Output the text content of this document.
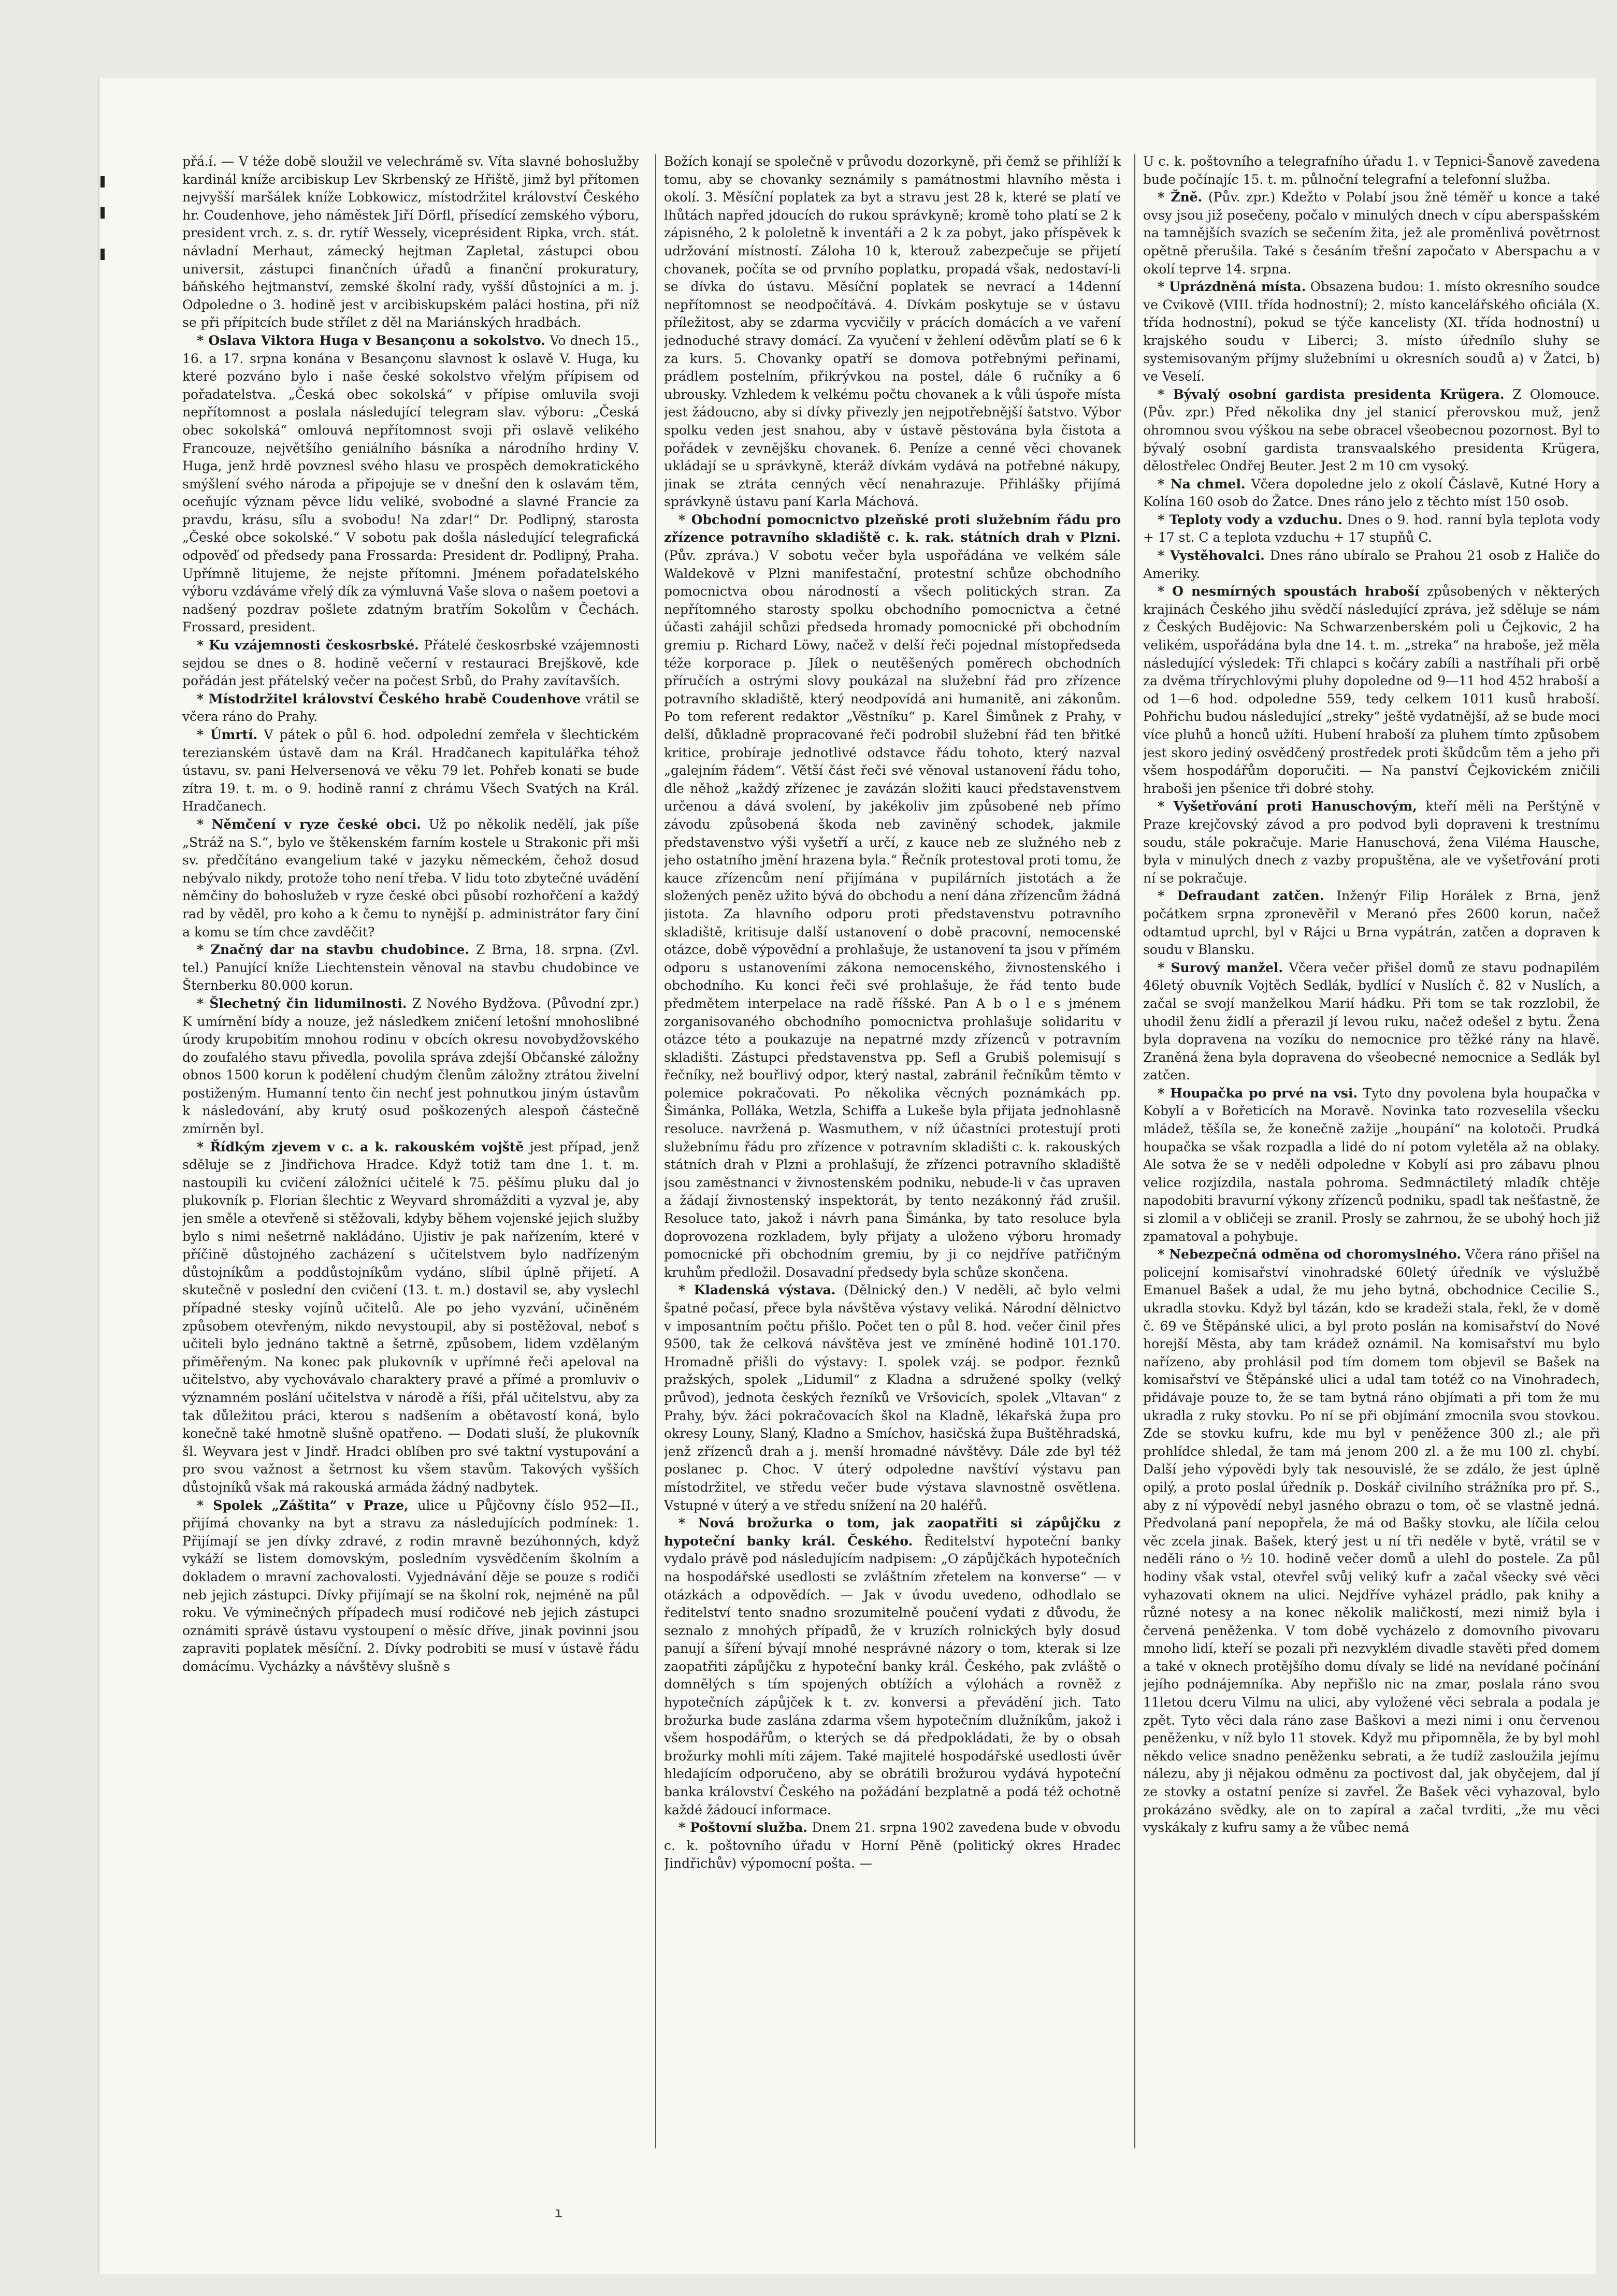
přá.í. — V téže době sloužil ve velechrámě sv. Víta slavné bohoslužby kardinál kníže arcibiskup Lev Skrbenský ze Hřiště, jimž byl přítomen nejvyšší maršálek kníže Lobkowicz, místodržitel království Českého hr. Coudenhove, jeho náměstek Jiří Dörfl, přísedící zemského výboru, president vrch. z. s. dr. rytíř Wessely, viceprésident Ripka, vrch. stát. návladní Merhaut, zámecký hejtman Zapletal, zástupci obou universit, zástupci finančních úřadů a finanční prokuratury, báňského hejtmanství, zemské školní rady, vyšší důstojníci a m. j. Odpoledne o 3. hodině jest v arcibiskupském paláci hostina, při níž se při přípitcích bude střílet z děl na Mariánských hradbách.

* Oslava Viktora Huga v Besançonu a sokolstvo. Vo dnech 15., 16. a 17. srpna konána v Besançonu slavnost k oslavě V. Huga, ku které pozváno bylo i naše české sokolstvo vřelým přípisem od pořadatelstva. „Česká obec sokolská“ v přípise omluvila svoji nepřítomnost a poslala následující telegram slav. výboru: „Česká obec sokolská“ omlouvá nepřítomnost svoji při oslavě velikého Francouze, největšího geniálního básníka a národního hrdiny V. Huga, jenž hrdě povznesl svého hlasu ve prospěch demokratického smýšlení svého národa a připojuje se v dnešní den k oslavám těm, oceňujíc význam pěvce lidu veliké, svobodné a slavné Francie za pravdu, krásu, sílu a svobodu! Na zdar!“ Dr. Podlipný, starosta „České obce sokolské.“ V sobotu pak došla následující telegrafická odpověď od předsedy pana Frossarda: President dr. Podlipný, Praha. Upřímně litujeme, že nejste přítomni. Jménem pořadatelského výboru vzdáváme vřelý dík za výmluvná Vaše slova o našem poetovi a nadšený pozdrav pošlete zdatným bratřím Sokolům v Čechách. Frossard, president.

* Ku vzájemnosti českosrbské. Přátelé českosrbské vzájemnosti sejdou se dnes o 8. hodině večerní v restauraci Brejškově, kde pořádán jest přátelský večer na počest Srbů, do Prahy zavítavších.

* Místodržitel království Českého hrabě Coudenhove vrátil se včera ráno do Prahy.

* Úmrtí. V pátek o půl 6. hod. odpolední zemřela v šlechtickém terezianském ústavě dam na Král. Hradčanech kapitulářka téhož ústavu, sv. pani Helversenová ve věku 79 let. Pohřeb konati se bude zítra 19. t. m. o 9. hodině ranní z chrámu Všech Svatých na Král. Hradčanech.

* Němčení v ryze české obci. Už po několik nedělí, jak píše „Stráž na S.“, bylo ve štěkenském farním kostele u Strakonic při mši sv. předčítáno evangelium také v jazyku německém, čehož dosud nebývalo nikdy, protože toho není třeba. V lidu toto zbytečné uvádění němčiny do bohoslužeb v ryze české obci působí rozhořčení a každý rad by věděl, pro koho a k čemu to nynější p. administrátor fary činí a komu se tím chce zavděčit?

* Značný dar na stavbu chudobince. Z Brna, 18. srpna. (Zvl. tel.) Panující kníže Liechtenstein věnoval na stavbu chudobince ve Šternberku 80.000 korun.

* Šlechetný čin lidumilnosti. Z Nového Bydžova. (Původní zpr.) K umírnění bídy a nouze, jež následkem zničení letošní mnohoslibné úrody krupobitím mnohou rodinu v obcích okresu novobydžovského do zoufalého stavu přivedla, povolila správa zdejší Občanské záložny obnos 1500 korun k podělení chudým členům záložny ztrátou živelní postiženým. Humanní tento čin nechť jest pohnutkou jiným ústavům k následování, aby krutý osud poškozených alespoň částečně zmírněn byl.

* Řídkým zjevem v c. a k. rakouském vojště jest případ, jenž sděluje se z Jindřichova Hradce. Když totiž tam dne 1. t. m. nastoupili ku cvičení záložníci učitelé k 75. pěšímu pluku dal jo plukovník p. Florian šlechtic z Weyvard shromážditi a vyzval je, aby jen směle a otevřeně si stěžovali, kdyby během vojenské jejich služby bylo s nimi nešetrně nakládáno. Ujistiv je pak nařízením, které v příčině důstojného zacházení s učitelstvem bylo nadřízeným důstojníkům a poddůstojníkům vydáno, slíbil úplně přijetí. A skutečně v poslední den cvičení (13. t. m.) dostavil se, aby vyslechl případné stesky vojínů učitelů. Ale po jeho vyzvání, učiněném způsobem otevřeným, nikdo nevystoupil, aby si postěžoval, neboť s učiteli bylo jednáno taktně a šetrně, způsobem, lidem vzdělaným přiměřeným. Na konec pak plukovník v upřímné řeči apeloval na učitelstvo, aby vychovávalo charaktery pravé a přímé a promluviv o významném poslání učitelstva v národě a říši, přál učitelstvu, aby za tak důležitou práci, kterou s nadšením a obětavostí koná, bylo konečně také hmotně slušně opatřeno. — Dodati sluší, že plukovník šl. Weyvara jest v Jindř. Hradci oblíben pro své taktní vystupování a pro svou važnost a šetrnost ku všem stavům. Takových vyšších důstojníků však má rakouská armáda žádný nadbytek.

* Spolek „Záštita“ v Praze, ulice u Půjčovny číslo 952—II., přijímá chovanky na byt a stravu za následujících podmínek: 1. Přijímají se jen dívky zdravé, z rodin mravně bezúhonných, když vykáží se listem domovským, posledním vysvědčením školním a dokladem o mravní zachovalosti. Vyjednávání děje se pouze s rodiči neb jejich zástupci. Dívky přijímají se na školní rok, nejméně na půl roku. Ve výminečných případech musí rodičové neb jejich zástupci oznámiti správě ústavu vystoupení o měsíc dříve, jinak povinni jsou zapraviti poplatek měsíční. 2. Dívky podrobiti se musí v ústavě řádu domácímu. Vycházky a návštěvy slušně s

Božích konají se společně v průvodu dozorkyně, při čemž se přihlíží k tomu, aby se chovanky seznámily s památnostmi hlavního města i okolí. 3. Měsíční poplatek za byt a stravu jest 28 k, které se platí ve lhůtách napřed jdoucích do rukou správkyně; kromě toho platí se 2 k zápisného, 2 k pololetně k inventáři a 2 k za pobyt, jako příspěvek k udržování místností. Záloha 10 k, kterouž zabezpečuje se přijetí chovanek, počíta se od prvního poplatku, propadá však, nedostaví-li se dívka do ústavu. Měsíční poplatek se nevrací a 14denní nepřítomnost se neodpočítává. 4. Dívkám poskytuje se v ústavu příležitost, aby se zdarma vycvičily v prácích domácích a ve vaření jednoduché stravy domácí. Za vyučení v žehlení oděvům platí se 6 k za kurs. 5. Chovanky opatří se domova potřebnými peřinami, prádlem postelním, přikrývkou na postel, dále 6 ručníky a 6 ubrousky. Vzhledem k velkému počtu chovanek a k vůli úspoře místa jest žádoucno, aby si dívky přivezly jen nejpotřebnější šatstvo. Výbor spolku veden jest snahou, aby v ústavě pěstována byla čistota a pořádek v zevnějšku chovanek. 6. Peníze a cenné věci chovanek ukládají se u správkyně, kteráž dívkám vydává na potřebné nákupy, jinak se ztráta cenných věcí nenahrazuje. Přihlášky přijímá správkyně ústavu paní Karla Máchová.

* Obchodní pomocnictvo plzeňské proti služebním řádu pro zřízence potravního skladiště c. k. rak. státních drah v Plzni. (Pův. zpráva.) V sobotu večer byla uspořádána ve velkém sále Waldekově v Plzni manifestační, protestní schůze obchodního pomocnictva obou národností a všech politických stran. Za nepřítomného starosty spolku obchodního pomocnictva a četné účasti zahájil schůzi předseda hromady pomocnické při obchodním gremiu p. Richard Löwy, načež v delší řeči pojednal místopředseda téže korporace p. Jílek o neutěšených poměrech obchodních příručích a ostrými slovy poukázal na služební řád pro zřízence potravního skladiště, který neodpovídá ani humanitě, ani zákonům. Po tom referent redaktor „Věstníku“ p. Karel Šimůnek z Prahy, v delší, důkladně propracované řeči podrobil služební řád ten břitké kritice, probíraje jednotlivé odstavce řádu tohoto, který nazval „galejním řádem“. Větší část řeči své věnoval ustanovení řádu toho, dle něhož „každý zřízenec je zavázán složiti kauci představenstvem určenou a dává svolení, by jakékoliv jim způsobené neb přímo závodu způsobená škoda neb zaviněný schodek, jakmile představenstvo výši vyšetří a určí, z kauce neb ze služného neb z jeho ostatního jmění hrazena byla.“ Řečník protestoval proti tomu, že kauce zřízencům není přijímána v pupilárních jistotách a že složených peněz užito bývá do obchodu a není dána zřízencům žádná jistota. Za hlavního odporu proti představenstvu potravního skladiště, kritisuje další ustanovení o době pracovní, nemocenské otázce, době výpovědní a prohlašuje, že ustanovení ta jsou v přímém odporu s ustanoveními zákona nemocenského, živnostenského i obchodního. Ku konci řeči své prohlašuje, že řád tento bude předmětem interpelace na radě říšské. Pan A b o l e s jménem zorganisovaného obchodního pomocnictva prohlašuje solidaritu v otázce této a poukazuje na nepatrné mzdy zřízenců v potravním skladišti. Zástupci představenstva pp. Sefl a Grubiš polemisují s řečníky, než bouřlivý odpor, který nastal, zabránil řečníkům těmto v polemice pokračovati. Po několika věcných poznámkách pp. Šimánka, Polláka, Wetzla, Schiffa a Lukeše byla přijata jednohlasně resoluce. navržená p. Wasmuthem, v níž účastníci protestují proti služebnímu řádu pro zřízence v potravním skladišti c. k. rakouských státních drah v Plzni a prohlašují, že zřízenci potravního skladiště jsou zaměstnanci v živnostenském podniku, nebude-li v čas upraven a žádají živnostenský inspektorát, by tento nezákonný řád zrušil. Resoluce tato, jakož i návrh pana Šimánka, by tato resoluce byla doprovozena rozkladem, byly přijaty a uloženo výboru hromady pomocnické při obchodním gremiu, by ji co nejdříve patřičným kruhům předložil. Dosavadní předsedy byla schůze skončena.

* Kladenská výstava. (Dělnický den.) V neděli, ač bylo velmi špatné počasí, přece byla návštěva výstavy veliká. Národní dělnictvo v imposantním počtu přišlo. Počet ten o půl 8. hod. večer činil přes 9500, tak že celková návštěva jest ve zmíněné hodině 101.170. Hromadně přišli do výstavy: I. spolek vzáj. se podpor. řeznků pražských, spolek „Lidumil“ z Kladna a sdružené spolky (velký průvod), jednota českých řezníků ve Vršovicích, spolek „Vltavan“ z Prahy, býv. žáci pokračovacích škol na Kladně, lékařská župa pro okresy Louny, Slaný, Kladno a Smíchov, hasičská župa Buštěhradská, jenž zřízenců drah a j. menší hromadné návštěvy. Dále zde byl též poslanec p. Choc. V úterý odpoledne navštíví výstavu pan místodržitel, ve středu večer bude výstava slavnostně osvětlena. Vstupné v úterý a ve středu snížení na 20 haléřů.

* Nová brožurka o tom, jak zaopatřiti si zápůjčku z hypoteční banky král. Českého. Ředitelství hypoteční banky vydalo právě pod následujícím nadpisem: „O zápůjčkách hypotečních na hospodářské usedlosti se zvláštním zřetelem na konverse“ — v otázkách a odpovědích. — Jak v úvodu uvedeno, odhodlalo se ředitelství tento snadno srozumitelně poučení vydati z důvodu, že seznalo z mnohých případů, že v kruzích rolnických byly dosud panují a šíření bývají mnohé nesprávné názory o tom, kterak si lze zaopatřiti zápůjčku z hypoteční banky král. Českého, pak zvláště o domnělých s tím spojených obtížích a výlohách a rovněž z hypotečních zápůjček k t. zv. konversi a převádění jich. Tato brožurka bude zaslána zdarma všem hypotečním dlužníkům, jakož i všem hospodářům, o kterých se dá předpokládati, že by o obsah brožurky mohli míti zájem. Také majitelé hospodářské usedlosti úvěr hledajícím odporučeno, aby se obrátili brožurou vydává hypoteční banka království Českého na požádání bezplatně a podá též ochotně každé žádoucí informace.

* Poštovní služba. Dnem 21. srpna 1902 zavedena bude v obvodu c. k. poštovního úřadu v Horní Pěně (politický okres Hradec Jindřichův) výpomocní pošta. —

U c. k. poštovního a telegrafního úřadu 1. v Tepnici-Šanově zavedena bude počínajíc 15. t. m. půlnoční telegrafní a telefonní služba.

* Žně. (Pův. zpr.) Kdežto v Polabí jsou žně téměř u konce a také ovsy jsou již posečeny, počalo v minulých dnech v cípu aberspašském na tamnějších svazích se sečením žita, jež ale proměnlivá povětrnost opětně přerušila. Také s česáním třešní započato v Aberspachu a v okolí teprve 14. srpna.

* Uprázdněná místa. Obsazena budou: 1. místo okresního soudce ve Cvikově (VIII. třída hodnostní); 2. místo kancelářského oficiála (X. třída hodnostní), pokud se týče kancelisty (XI. třída hodnostní) u krajského soudu v Liberci; 3. místo úřednílo sluhy se systemisovaným příjmy služebními u okresních soudů a) v Žatci, b) ve Veselí.

* Bývalý osobní gardista presidenta Krügera. Z Olomouce. (Pův. zpr.) Před několika dny jel stanicí přerovskou muž, jenž ohromnou svou výškou na sebe obracel všeobecnou pozornost. Byl to bývalý osobní gardista transvaalského presidenta Krügera, dělostřelec Ondřej Beuter. Jest 2 m 10 cm vysoký.

* Na chmel. Včera dopoledne jelo z okolí Čáslavě, Kutné Hory a Kolína 160 osob do Žatce. Dnes ráno jelo z těchto míst 150 osob.

* Teploty vody a vzduchu. Dnes o 9. hod. ranní byla teplota vody + 17 st. C a teplota vzduchu + 17 stupňů C.

* Vystěhovalci. Dnes ráno ubíralo se Prahou 21 osob z Haliče do Ameriky.

* O nesmírných spoustách hraboší způsobených v některých krajinách Českého jihu svědčí následující zpráva, jež sděluje se nám z Českých Budějovic: Na Schwarzenberském poli u Čejkovic, 2 ha velikém, uspořádána byla dne 14. t. m. „streka“ na hraboše, jež měla následující výsledek: Tři chlapci s kočáry zabíli a nastříhali při orbě za dvěma třírychlovými pluhy dopoledne od 9—11 hod 452 hraboší a od 1—6 hod. odpoledne 559, tedy celkem 1011 kusů hraboší. Pohřichu budou následující „streky“ ještě vydatnější, až se bude moci více pluhů a honců užíti. Hubení hraboší za pluhem tímto způsobem jest skoro jediný osvědčený prostředek proti škůdcům těm a jeho při všem hospodářům doporučiti. — Na panství Čejkovickém zničili hraboši jen pšenice tři dobré stohy.

* Vyšetřování proti Hanuschovým, kteří měli na Perštýně v Praze krejčovský závod a pro podvod byli dopraveni k trestnímu soudu, stále pokračuje. Marie Hanuschová, žena Viléma Hausche, byla v minulých dnech z vazby propuštěna, ale ve vyšetřování proti ní se pokračuje.

* Defraudant zatčen. Inženýr Filip Horálek z Brna, jenž počátkem srpna zpronevěřil v Meranó přes 2600 korun, načež odtamtud uprchl, byl v Rájci u Brna vypátrán, zatčen a dopraven k soudu v Blansku.

* Surový manžel. Včera večer přišel domů ze stavu podnapilém 46letý obuvník Vojtěch Sedlák, bydlící v Nuslích č. 82 v Nuslích, a začal se svojí manželkou Marií hádku. Při tom se tak rozzlobil, že uhodil ženu židlí a přerazil jí levou ruku, načež odešel z bytu. Žena byla dopravena na vozíku do nemocnice pro těžké rány na hlavě. Zraněná žena byla dopravena do všeobecné nemocnice a Sedlák byl zatčen.

* Houpačka po prvé na vsi. Tyto dny povolena byla houpačka v Kobylí a v Bořeticích na Moravě. Novinka tato rozveselila všecku mládež, těšíla se, že konečně zažije „houpání“ na kolotoči. Prudká houpačka se však rozpadla a lidé do ní potom vyletěla až na oblaky. Ale sotva že se v neděli odpoledne v Kobylí asi pro zábavu plnou velice rozjízdila, nastala pohroma. Sedmnáctiletý mladík chtěje napodobiti bravurní výkony zřízenců podniku, spadl tak nešťastně, že si zlomil a v obličeji se zranil. Prosly se zahrnou, že se ubohý hoch již zpamatoval a pohybuje.

* Nebezpečná odměna od choromyslného. Včera ráno přišel na policejní komisařství vinohradské 60letý úředník ve výslužbě Emanuel Bašek a udal, že mu jeho bytná, obchodnice Cecilie S., ukradla stovku. Když byl tázán, kdo se kradeži stala, řekl, že v domě č. 69 ve Štěpánské ulici, a byl proto poslán na komisařství do Nové horejší Města, aby tam krádež oznámil. Na komisařství mu bylo nařízeno, aby prohlásil pod tím domem tom objevil se Bašek na komisařství ve Štěpánské ulici a udal tam totéž co na Vinohradech, přidávaje pouze to, že se tam bytná ráno objímati a při tom že mu ukradla z ruky stovku. Po ní se při objímání zmocnila svou stovkou. Zde se stovku kufru, kde mu byl v peněžence 300 zl.; ale při prohlídce shledal, že tam má jenom 200 zl. a že mu 100 zl. chybí. Další jeho výpovědi byly tak nesouvislé, že se zdálo, že jest úplně opilý, a proto poslal úředník p. Doskář civilního strážníka pro př. S., aby z ní výpovědí nebyl jasného obrazu o tom, oč se vlastně jedná. Předvolaná paní nepopřela, že má od Bašky stovku, ale líčila celou věc zcela jinak. Bašek, který jest u ní tři neděle v bytě, vrátil se v neděli ráno o ½ 10. hodině večer domů a ulehl do postele. Za půl hodiny však vstal, otevřel svůj veliký kufr a začal všecky své věci vyhazovati oknem na ulici. Nejdříve vyházel prádlo, pak knihy a různé notesy a na konec několik maličkostí, mezi nimiž byla i červená peněženka. V tom době vycházelo z domovního pivovaru mnoho lidí, kteří se pozali při nezvyklém divadle stavěti před domem a také v oknech protějšího domu dívaly se lidé na nevídané počínání jejího podnájemníka. Aby nepřišlo nic na zmar, poslala ráno svou 11letou dceru Vilmu na ulici, aby vyložené věci sebrala a podala je zpět. Tyto věci dala ráno zase Baškovi a mezi nimi i onu červenou peněženku, v níž bylo 11 stovek. Když mu připomněla, že by byl mohl někdo velice snadno peněženku sebrati, a že tudíž zasloužila jejímu nálezu, aby ji nějakou odměnu za poctivost dal, jak obyčejem, dal jí ze stovky a ostatní peníze si zavřel. Že Bašek věci vyhazoval, bylo prokázáno svědky, ale on to zapíral a začal tvrditi, „že mu věci vyskákaly z kufru samy a že vůbec nemá

ı
